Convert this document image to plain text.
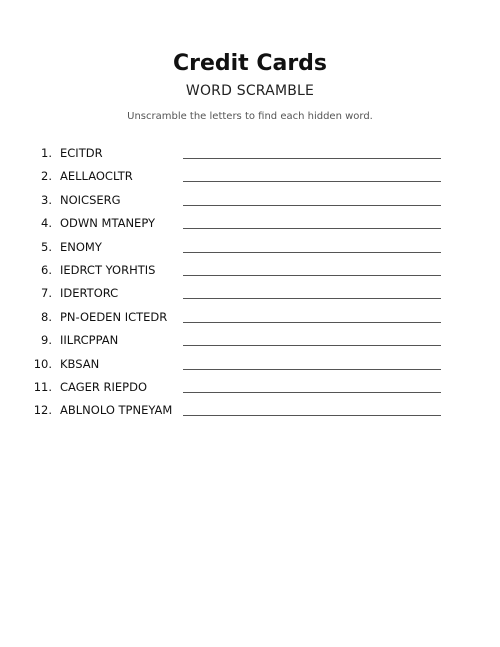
Credit Cards
WORD SCRAMBLE
Unscramble the letters to find each hidden word.
1. ECITDR
2. AELLAOCLTR
3. NOICSERG
4. ODWN MTANEPY
5. ENOMY
6. IEDRCT YORHTIS
7. IDERTORC
8. PN-OEDEN ICTEDR
9. IILRCPPAN
10. KBSAN
11. CAGER RIEPDO
12. ABLNOLO TPNEYAM
